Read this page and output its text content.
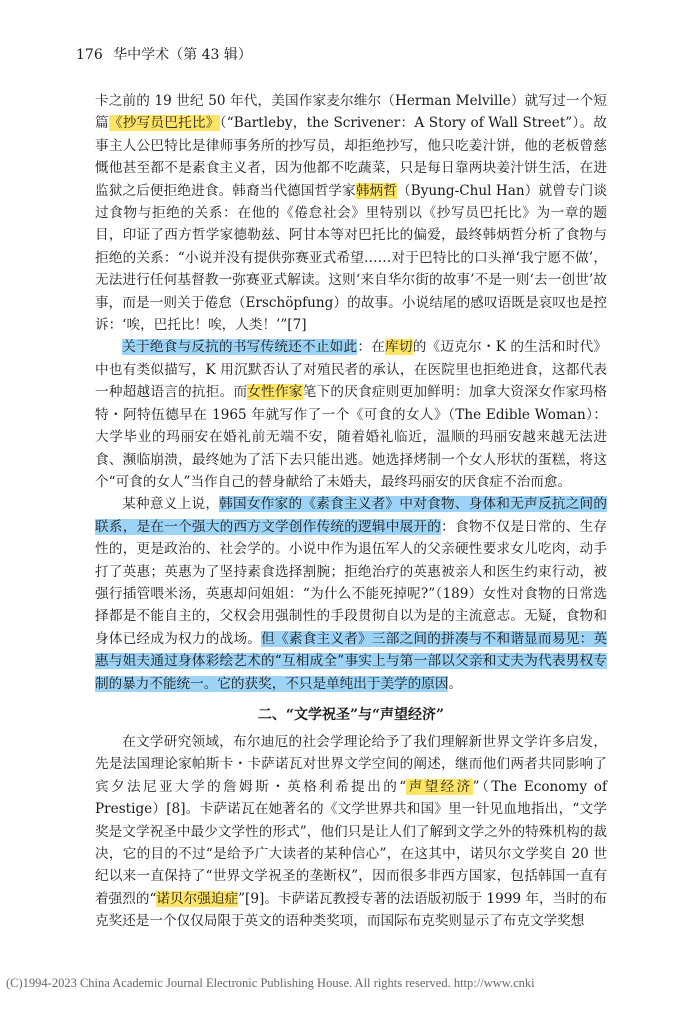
176 华中学术（第 43 辑）

卡之前的 19 世纪 50 年代，美国作家麦尔维尔（Herman Melville）就写过一个短篇《抄写员巴托比》（“Bartleby，the Scrivener：A Story of Wall Street”）。故事主人公巴特比是律师事务所的抄写员，却拒绝抄写，他只吃姜汁饼，他的老板曾慈慨他甚至都不是素食主义者，因为他都不吃蔬菜，只是每日靠两块姜汁饼生活，在进监狱之后便拒绝进食。韩裔当代德国哲学家韩炳哲（Byung-Chul Han）就曾专门谈过食物与拒绝的关系：在他的《倦怠社会》里特别以《抄写员巴托比》为一章的题目，印证了西方哲学家德勒兹、阿甘本等对巴托比的偏爱，最终韩炳哲分析了食物与拒绝的关系：“小说并没有提供弥赛亚式希望……对于巴特比的口头禅‘我宁愿不做’，无法进行任何基督教一弥赛亚式解读。这则‘来自华尔街的故事’不是一则‘去一创世’故事，而是一则关于倦怠（Erschöpfung）的故事。小说结尾的感叹语既是哀叹也是控诉：‘唉，巴托比！唉，人类！’”[7]

关于绝食与反抗的书写传统还不止如此：在库切的《迈克尔・K 的生活和时代》中也有类似描写，K 用沉默否认了对殖民者的承认，在医院里也拒绝进食，这都代表一种超越语言的抗拒。而女性作家笔下的厌食症则更加鲜明：加拿大资深女作家玛格特・阿特伍德早在 1965 年就写作了一个《可食的女人》（The Edible Woman）：大学毕业的玛丽安在婚礼前无端不安，随着婚礼临近，温顺的玛丽安越来越无法进食、濒临崩溃，最终她为了活下去只能出逃。她选择烤制一个女人形状的蛋糕，将这个“可食的女人”当作自己的替身献给了未婚夫，最终玛丽安的厌食症不治而愈。

某种意义上说，韩国女作家的《素食主义者》中对食物、身体和无声反抗之间的联系，是在一个强大的西方文学创作传统的逻辑中展开的：食物不仅是日常的、生存性的，更是政治的、社会学的。小说中作为退伍军人的父亲硬性要求女儿吃肉，动手打了英惠；英惠为了坚持素食选择割腕；拒绝治疗的英惠被亲人和医生约束行动，被强行插管喂米汤，英惠却问姐姐：“为什么不能死掉呢?”（189）女性对食物的日常选择都是不能自主的，父权会用强制性的手段贯彻自以为是的主流意志。无疑，食物和身体已经成为权力的战场。但《素食主义者》三部之间的拼凑与不和谐显而易见：英惠与姐夫通过身体彩绘艺术的“互相成全”事实上与第一部以父亲和丈夫为代表男权专制的暴力不能统一。它的获奖，不只是单纯出于美学的原因。

二、“文学祝圣”与“声望经济”

在文学研究领域，布尔迪厄的社会学理论给予了我们理解新世界文学许多启发，先是法国理论家帕斯卡・卡萨诺瓦对世界文学空间的阐述，继而他们两者共同影响了宾夕法尼亚大学的詹姆斯・英格利希提出的“声望经济”（The Economy of Prestige）[8]。卡萨诺瓦在她著名的《文学世界共和国》里一针见血地指出，“文学奖是文学祝圣中最少文学性的形式”，他们只是让人们了解到文学之外的特殊机构的裁决，它的目的不过“是给予广大读者的某种信心”，在这其中，诺贝尔文学奖自 20 世纪以来一直保持了“世界文学祝圣的垄断权”，因而很多非西方国家，包括韩国一直有着强烈的“诺贝尔强迫症”[9]。卡萨诺瓦教授专著的法语版初版于 1999 年，当时的布克奖还是一个仅仅局限于英文的语种类奖项，而国际布克奖则显示了布克文学奖想

(C)1994-2023 China Academic Journal Electronic Publishing House. All rights reserved. http://www.cnki
